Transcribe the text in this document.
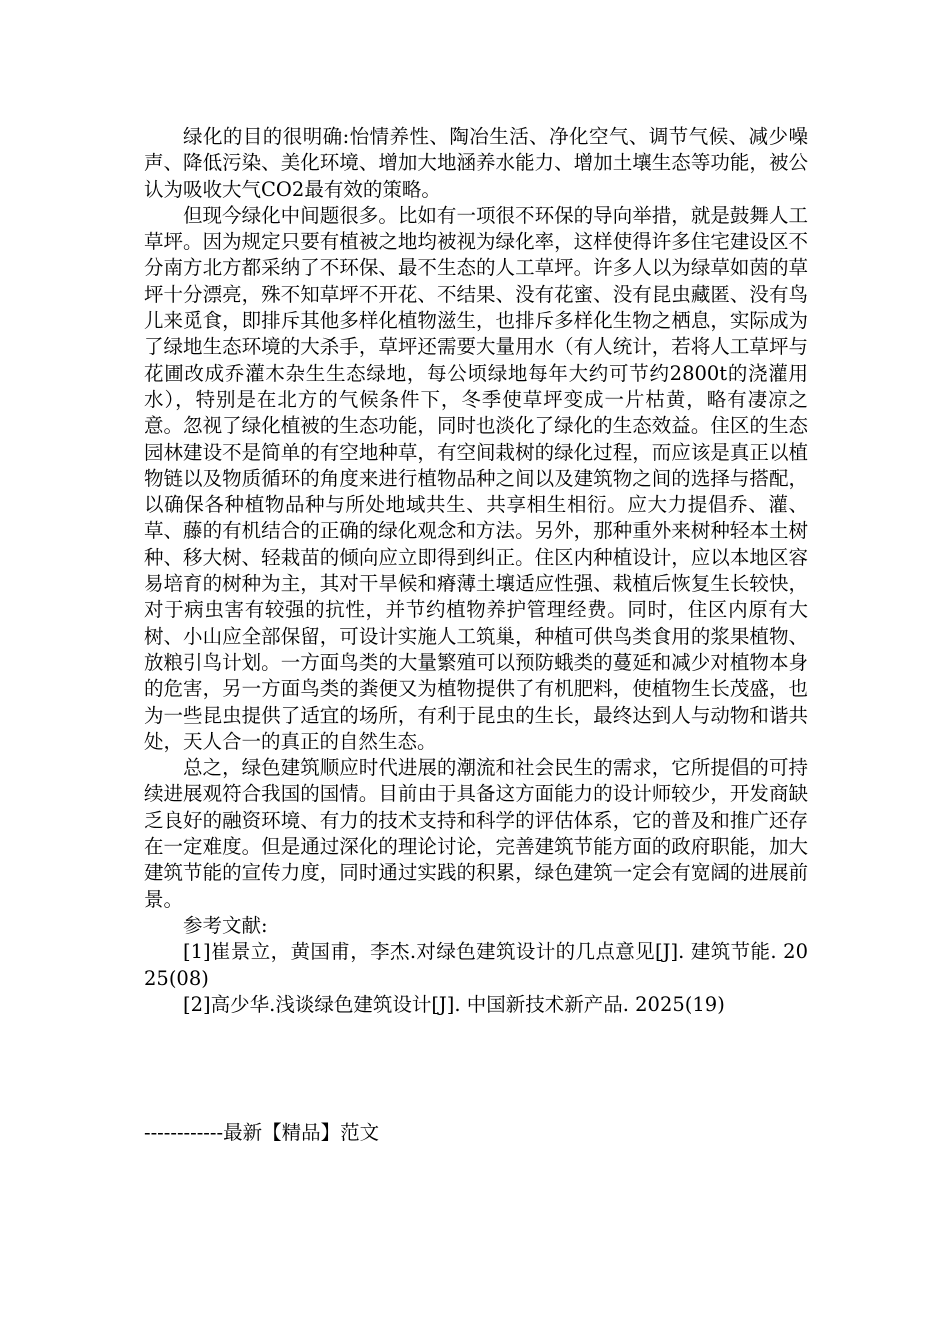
绿化的目的很明确:怡情养性、陶冶生活、净化空气、调节气候、减少噪声、降低污染、美化环境、增加大地涵养水能力、增加土壤生态等功能，被公认为吸收大气CO2最有效的策略。

但现今绿化中间题很多。比如有一项很不环保的导向举措，就是鼓舞人工草坪。因为规定只要有植被之地均被视为绿化率，这样使得许多住宅建设区不分南方北方都采纳了不环保、最不生态的人工草坪。许多人以为绿草如茵的草坪十分漂亮，殊不知草坪不开花、不结果、没有花蜜、没有昆虫藏匿、没有鸟儿来觅食，即排斥其他多样化植物滋生，也排斥多样化生物之栖息，实际成为了绿地生态环境的大杀手，草坪还需要大量用水（有人统计，若将人工草坪与花圃改成乔灌木杂生生态绿地，每公顷绿地每年大约可节约2800t的浇灌用水），特别是在北方的气候条件下，冬季使草坪变成一片枯黄，略有凄凉之意。忽视了绿化植被的生态功能，同时也淡化了绿化的生态效益。住区的生态园林建设不是简单的有空地种草，有空间栽树的绿化过程，而应该是真正以植物链以及物质循环的角度来进行植物品种之间以及建筑物之间的选择与搭配，以确保各种植物品种与所处地域共生、共享相生相衍。应大力提倡乔、灌、草、藤的有机结合的正确的绿化观念和方法。另外，那种重外来树种轻本土树种、移大树、轻栽苗的倾向应立即得到纠正。住区内种植设计，应以本地区容易培育的树种为主，其对干旱候和瘠薄土壤适应性强、栽植后恢复生长较快，对于病虫害有较强的抗性，并节约植物养护管理经费。同时，住区内原有大树、小山应全部保留，可设计实施人工筑巢，种植可供鸟类食用的浆果植物、放粮引鸟计划。一方面鸟类的大量繁殖可以预防蛾类的蔓延和减少对植物本身的危害，另一方面鸟类的粪便又为植物提供了有机肥料，使植物生长茂盛，也为一些昆虫提供了适宜的场所，有利于昆虫的生长，最终达到人与动物和谐共处，天人合一的真正的自然生态。

总之，绿色建筑顺应时代进展的潮流和社会民生的需求，它所提倡的可持续进展观符合我国的国情。目前由于具备这方面能力的设计师较少，开发商缺乏良好的融资环境、有力的技术支持和科学的评估体系，它的普及和推广还存在一定难度。但是通过深化的理论讨论，完善建筑节能方面的政府职能，加大建筑节能的宣传力度，同时通过实践的积累，绿色建筑一定会有宽阔的进展前景。

参考文献:

[1]崔景立，黄国甫，李杰.对绿色建筑设计的几点意见[J]. 建筑节能. 2025(08)

[2]高少华.浅谈绿色建筑设计[J]. 中国新技术新产品. 2025(19)

------------最新【精品】范文
